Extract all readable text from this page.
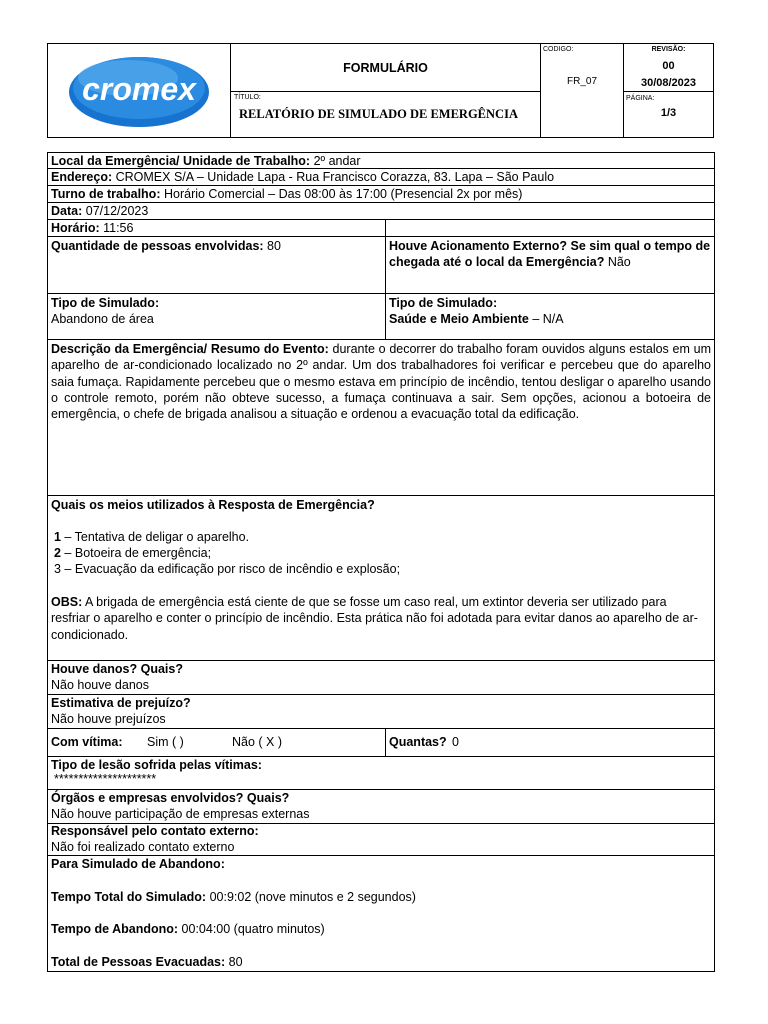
cromex
FORMULÁRIO
TÍTULO:
RELATÓRIO DE SIMULADO DE EMERGÊNCIA
CODIGO:
FR_07
REVISÃO:
00
30/08/2023
PÁGINA:
1/3
Local da Emergência/ Unidade de Trabalho: 2º andar
Endereço: CROMEX S/A – Unidade Lapa - Rua Francisco Corazza, 83. Lapa – São Paulo
Turno de trabalho: Horário Comercial – Das 08:00 às 17:00 (Presencial 2x por mês)
Data: 07/12/2023
Horário: 11:56
Quantidade de pessoas envolvidas: 80	Houve Acionamento Externo? Se sim qual o tempo de
chegada até o local da Emergência? Não
Tipo de Simulado:
Abandono de área
Tipo de Simulado:
Saúde e Meio Ambiente – N/A
Descrição da Emergência/ Resumo do Evento: durante o decorrer do trabalho foram ouvidos alguns estalos em um aparelho de ar-condicionado localizado no 2º andar. Um dos trabalhadores foi verificar e percebeu que do aparelho saia fumaça. Rapidamente percebeu que o mesmo estava em princípio de incêndio, tentou desligar o aparelho usando o controle remoto, porém não obteve sucesso, a fumaça continuava a sair. Sem opções, acionou a botoeira de emergência, o chefe de brigada analisou a situação e ordenou a evacuação total da edificação.
Quais os meios utilizados à Resposta de Emergência?
1 – Tentativa de deligar o aparelho.
2 – Botoeira de emergência;
3 – Evacuação da edificação por risco de incêndio e explosão;
OBS: A brigada de emergência está ciente de que se fosse um caso real, um extintor deveria ser utilizado para resfriar o aparelho e conter o princípio de incêndio. Esta prática não foi adotada para evitar danos ao aparelho de ar-condicionado.
Houve danos? Quais?
Não houve danos
Estimativa de prejuízo?
Não houve prejuízos
Com vítima: Sim ( )	Não ( X )	Quantas? 0
Tipo de lesão sofrida pelas vítimas:
*********************
Órgãos e empresas envolvidos? Quais?
Não houve participação de empresas externas
Responsável pelo contato externo:
Não foi realizado contato externo
Para Simulado de Abandono:
Tempo Total do Simulado: 00:9:02 (nove minutos e 2 segundos)
Tempo de Abandono: 00:04:00 (quatro minutos)
Total de Pessoas Evacuadas: 80
